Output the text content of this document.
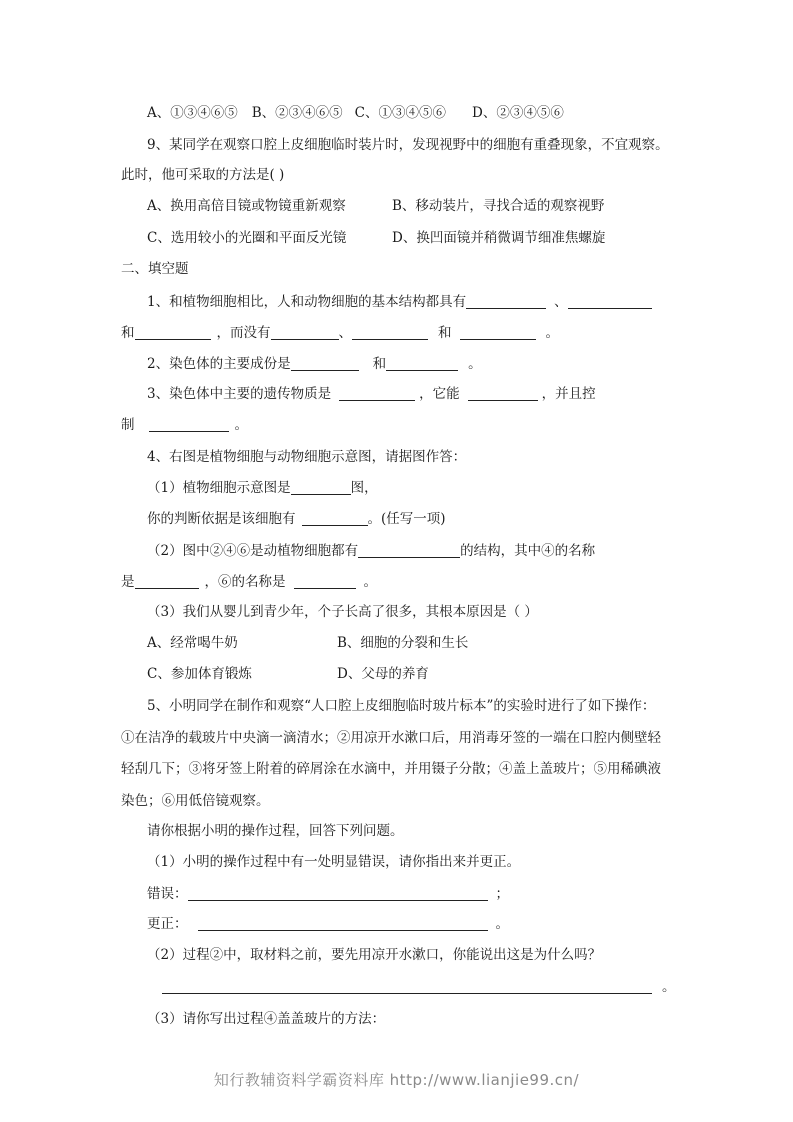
A、①③④⑥⑤ B、②③④⑥⑤ C、①③④⑤⑥ D、②③④⑤⑥
9、某同学在观察口腔上皮细胞临时装片时，发现视野中的细胞有重叠现象，不宜观察。
此时，他可采取的方法是( )
A、换用高倍目镜或物镜重新观察	B、移动装片，寻找合适的观察视野
C、选用较小的光圈和平面反光镜	D、换凹面镜并稍微调节细准焦螺旋
二、填空题
1、和植物细胞相比，人和动物细胞的基本结构都具有	、
和	，而没有	、	和	。
2、染色体的主要成份是	和	。
3、染色体中主要的遗传物质是	，它能	，并且控
制	。
4、右图是植物细胞与动物细胞示意图，请据图作答：
（1）植物细胞示意图是	图，
你的判断依据是该细胞有	。(任写一项)
（2）图中②④⑥是动植物细胞都有	的结构，其中④的名称
是	，⑥的名称是	。
（3）我们从婴儿到青少年，个子长高了很多，其根本原因是（ ）
A、经常喝牛奶	B、细胞的分裂和生长
C、参加体育锻炼	D、父母的养育
5、小明同学在制作和观察“人口腔上皮细胞临时玻片标本”的实验时进行了如下操作：
①在洁净的载玻片中央滴一滴清水；②用凉开水漱口后，用消毒牙签的一端在口腔内侧壁轻
轻刮几下；③将牙签上附着的碎屑涂在水滴中，并用镊子分散；④盖上盖玻片；⑤用稀碘液
染色；⑥用低倍镜观察。
请你根据小明的操作过程，回答下列问题。
（1）小明的操作过程中有一处明显错误，请你指出来并更正。
错误：	；
更正：	。
（2）过程②中，取材料之前，要先用凉开水漱口，你能说出这是为什么吗？
。
（3）请你写出过程④盖盖玻片的方法：
知行教辅资料学霸资料库 http://www.lianjie99.cn/
